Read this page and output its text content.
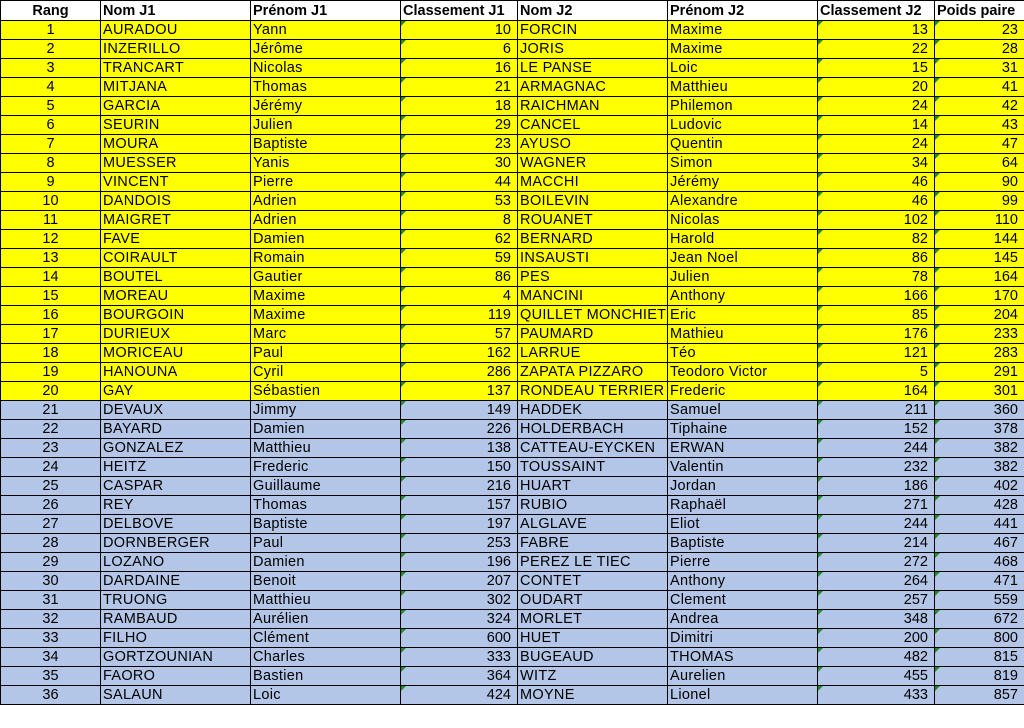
Rang	Nom J1	Prénom J1	Classement J1	Nom J2	Prénom J2	Classement J2	Poids paire
1	AURADOU	Yann	10	FORCIN	Maxime	13	23
2	INZERILLO	Jérôme	6	JORIS	Maxime	22	28
3	TRANCART	Nicolas	16	LE PANSE	Loic	15	31
4	MITJANA	Thomas	21	ARMAGNAC	Matthieu	20	41
5	GARCIA	Jérémy	18	RAICHMAN	Philemon	24	42
6	SEURIN	Julien	29	CANCEL	Ludovic	14	43
7	MOURA	Baptiste	23	AYUSO	Quentin	24	47
8	MUESSER	Yanis	30	WAGNER	Simon	34	64
9	VINCENT	Pierre	44	MACCHI	Jérémy	46	90
10	DANDOIS	Adrien	53	BOILEVIN	Alexandre	46	99
11	MAIGRET	Adrien	8	ROUANET	Nicolas	102	110
12	FAVE	Damien	62	BERNARD	Harold	82	144
13	COIRAULT	Romain	59	INSAUSTI	Jean Noel	86	145
14	BOUTEL	Gautier	86	PES	Julien	78	164
15	MOREAU	Maxime	4	MANCINI	Anthony	166	170
16	BOURGOIN	Maxime	119	QUILLET MONCHIET	Eric	85	204
17	DURIEUX	Marc	57	PAUMARD	Mathieu	176	233
18	MORICEAU	Paul	162	LARRUE	Téo	121	283
19	HANOUNA	Cyril	286	ZAPATA PIZZARO	Teodoro Victor	5	291
20	GAY	Sébastien	137	RONDEAU TERRIER	Frederic	164	301
21	DEVAUX	Jimmy	149	HADDEK	Samuel	211	360
22	BAYARD	Damien	226	HOLDERBACH	Tiphaine	152	378
23	GONZALEZ	Matthieu	138	CATTEAU-EYCKEN	ERWAN	244	382
24	HEITZ	Frederic	150	TOUSSAINT	Valentin	232	382
25	CASPAR	Guillaume	216	HUART	Jordan	186	402
26	REY	Thomas	157	RUBIO	Raphaël	271	428
27	DELBOVE	Baptiste	197	ALGLAVE	Eliot	244	441
28	DORNBERGER	Paul	253	FABRE	Baptiste	214	467
29	LOZANO	Damien	196	PEREZ LE TIEC	Pierre	272	468
30	DARDAINE	Benoit	207	CONTET	Anthony	264	471
31	TRUONG	Matthieu	302	OUDART	Clement	257	559
32	RAMBAUD	Aurélien	324	MORLET	Andrea	348	672
33	FILHO	Clément	600	HUET	Dimitri	200	800
34	GORTZOUNIAN	Charles	333	BUGEAUD	THOMAS	482	815
35	FAORO	Bastien	364	WITZ	Aurelien	455	819
36	SALAUN	Loic	424	MOYNE	Lionel	433	857
